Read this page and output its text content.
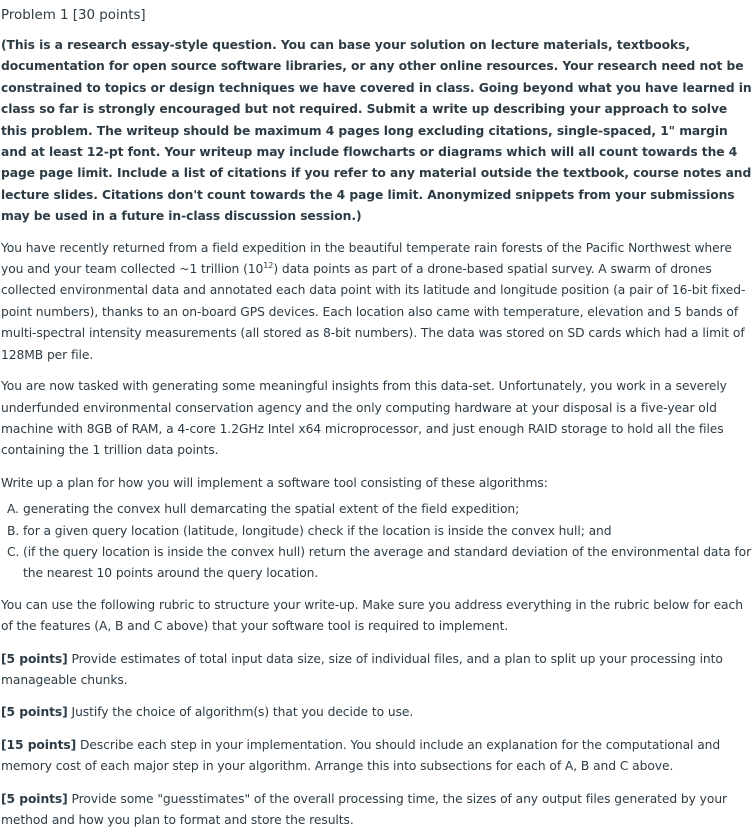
Problem 1 [30 points]

(This is a research essay-style question. You can base your solution on lecture materials, textbooks, documentation for open source software libraries, or any other online resources. Your research need not be constrained to topics or design techniques we have covered in class. Going beyond what you have learned in class so far is strongly encouraged but not required. Submit a write up describing your approach to solve this problem. The writeup should be maximum 4 pages long excluding citations, single-spaced, 1" margin and at least 12-pt font. Your writeup may include flowcharts or diagrams which will all count towards the 4 page page limit. Include a list of citations if you refer to any material outside the textbook, course notes and lecture slides. Citations don't count towards the 4 page limit. Anonymized snippets from your submissions may be used in a future in-class discussion session.)

You have recently returned from a field expedition in the beautiful temperate rain forests of the Pacific Northwest where you and your team collected ~1 trillion $(10^{12})$ data points as part of a drone-based spatial survey. A swarm of drones collected environmental data and annotated each data point with its latitude and longitude position (a pair of 16-bit fixed-point numbers), thanks to an on-board GPS devices. Each location also came with temperature, elevation and 5 bands of multi-spectral intensity measurements (all stored as 8-bit numbers). The data was stored on SD cards which had a limit of 128MB per file.

You are now tasked with generating some meaningful insights from this data-set. Unfortunately, you work in a severely underfunded environmental conservation agency and the only computing hardware at your disposal is a five-year old machine with 8GB of RAM, a 4-core 1.2GHz Intel x64 microprocessor, and just enough RAID storage to hold all the files containing the 1 trillion data points.

Write up a plan for how you will implement a software tool consisting of these algorithms:

A. generating the convex hull demarcating the spatial extent of the field expedition;
B. for a given query location (latitude, longitude) check if the location is inside the convex hull; and
C. (if the query location is inside the convex hull) return the average and standard deviation of the environmental data for the nearest 10 points around the query location.

You can use the following rubric to structure your write-up. Make sure you address everything in the rubric below for each of the features (A, B and C above) that your software tool is required to implement.

[5 points] Provide estimates of total input data size, size of individual files, and a plan to split up your processing into manageable chunks.

[5 points] Justify the choice of algorithm(s) that you decide to use.

[15 points] Describe each step in your implementation. You should include an explanation for the computational and memory cost of each major step in your algorithm. Arrange this into subsections for each of A, B and C above.

[5 points] Provide some "guesstimates" of the overall processing time, the sizes of any output files generated by your method and how you plan to format and store the results.
